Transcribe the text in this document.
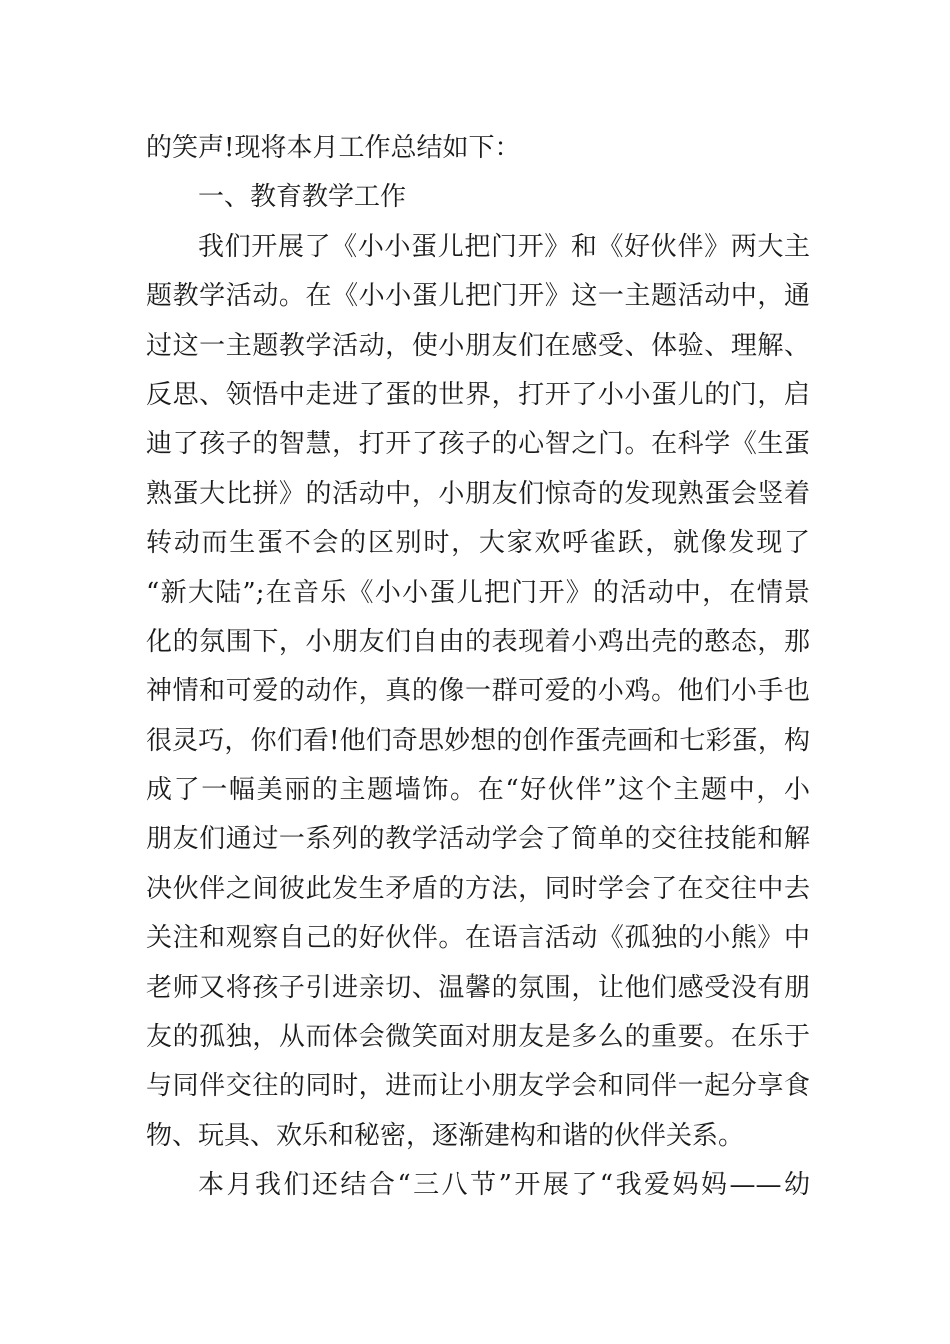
的笑声!现将本月工作总结如下：
一、教育教学工作
我们开展了《小小蛋儿把门开》和《好伙伴》两大主
题教学活动。在《小小蛋儿把门开》这一主题活动中，通
过这一主题教学活动，使小朋友们在感受、体验、理解、
反思、领悟中走进了蛋的世界，打开了小小蛋儿的门，启
迪了孩子的智慧，打开了孩子的心智之门。在科学《生蛋
熟蛋大比拼》的活动中，小朋友们惊奇的发现熟蛋会竖着
转动而生蛋不会的区别时，大家欢呼雀跃，就像发现了
“新大陆”;在音乐《小小蛋儿把门开》的活动中，在情景
化的氛围下，小朋友们自由的表现着小鸡出壳的憨态，那
神情和可爱的动作，真的像一群可爱的小鸡。他们小手也
很灵巧，你们看!他们奇思妙想的创作蛋壳画和七彩蛋，构
成了一幅美丽的主题墙饰。在“好伙伴”这个主题中，小
朋友们通过一系列的教学活动学会了简单的交往技能和解
决伙伴之间彼此发生矛盾的方法，同时学会了在交往中去
关注和观察自己的好伙伴。在语言活动《孤独的小熊》中
老师又将孩子引进亲切、温馨的氛围，让他们感受没有朋
友的孤独，从而体会微笑面对朋友是多么的重要。在乐于
与同伴交往的同时，进而让小朋友学会和同伴一起分享食
物、玩具、欢乐和秘密，逐渐建构和谐的伙伴关系。
本月我们还结合“三八节”开展了“我爱妈妈——幼
